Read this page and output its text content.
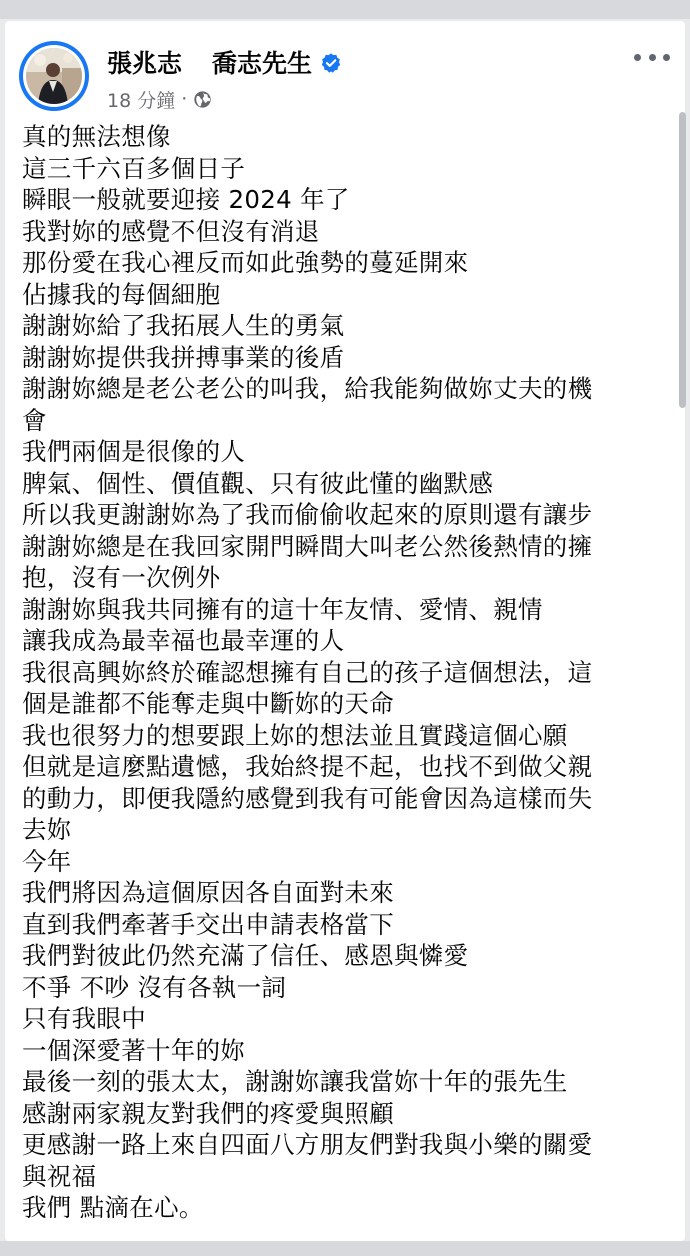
張兆志 喬志先生
18 分鐘 ·
真的無法想像
這三千六百多個日子
瞬眼一般就要迎接 2024 年了
我對妳的感覺不但沒有消退
那份愛在我心裡反而如此強勢的蔓延開來
佔據我的每個細胞
謝謝妳給了我拓展人生的勇氣
謝謝妳提供我拼搏事業的後盾
謝謝妳總是老公老公的叫我，給我能夠做妳丈夫的機
會
我們兩個是很像的人
脾氣、個性、價值觀、只有彼此懂的幽默感
所以我更謝謝妳為了我而偷偷收起來的原則還有讓步
謝謝妳總是在我回家開門瞬間大叫老公然後熱情的擁
抱，沒有一次例外
謝謝妳與我共同擁有的這十年友情、愛情、親情
讓我成為最幸福也最幸運的人
我很高興妳終於確認想擁有自己的孩子這個想法，這
個是誰都不能奪走與中斷妳的天命
我也很努力的想要跟上妳的想法並且實踐這個心願
但就是這麼點遺憾，我始終提不起，也找不到做父親
的動力，即便我隱約感覺到我有可能會因為這樣而失
去妳
今年
我們將因為這個原因各自面對未來
直到我們牽著手交出申請表格當下
我們對彼此仍然充滿了信任、感恩與憐愛
不爭 不吵 沒有各執一詞
只有我眼中
一個深愛著十年的妳
最後一刻的張太太，謝謝妳讓我當妳十年的張先生
感謝兩家親友對我們的疼愛與照顧
更感謝一路上來自四面八方朋友們對我與小樂的關愛
與祝福
我們 點滴在心。
